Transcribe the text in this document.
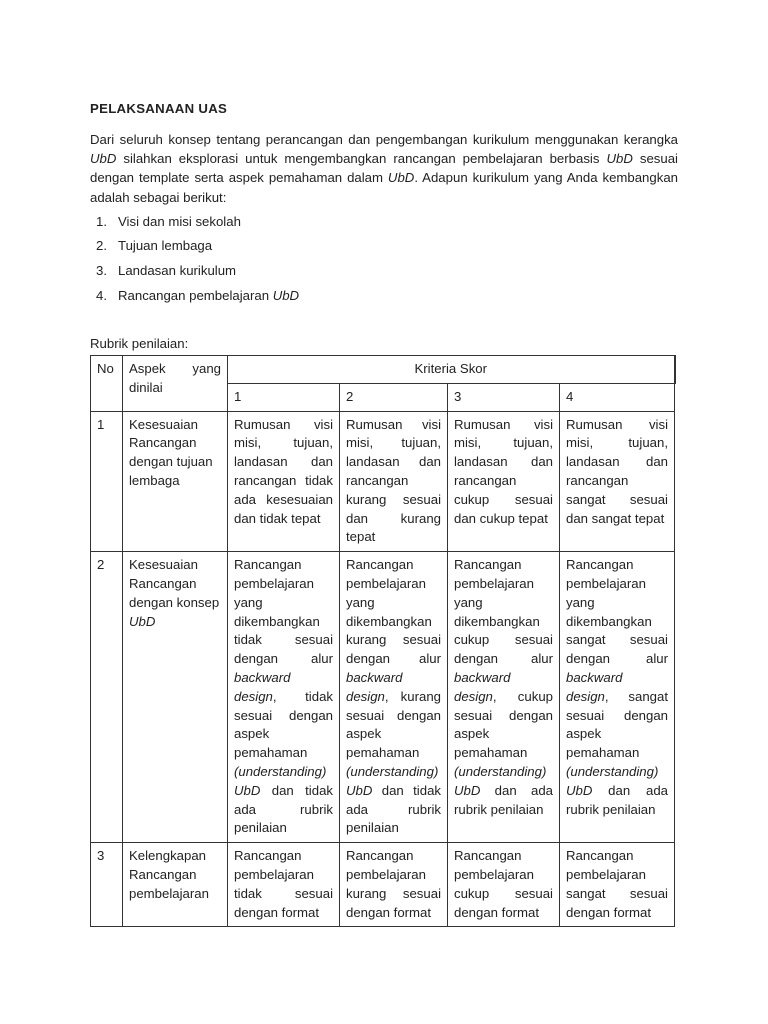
PELAKSANAAN UAS

Dari seluruh konsep tentang perancangan dan pengembangan kurikulum menggunakan kerangka UbD silahkan eksplorasi untuk mengembangkan rancangan pembelajaran berbasis UbD sesuai dengan template serta aspek pemahaman dalam UbD. Adapun kurikulum yang Anda kembangkan adalah sebagai berikut:

1. Visi dan misi sekolah
2. Tujuan lembaga
3. Landasan kurikulum
4. Rancangan pembelajaran UbD
Rubrik penilaian:
No	Aspek yang dinilai	Kriteria Skor			
		1	2	3	4
1	Kesesuaian Rancangan dengan tujuan lembaga	Rumusan visi misi, tujuan, landasan dan rancangan tidak ada kesesuaian dan tidak tepat	Rumusan visi misi, tujuan, landasan dan rancangan kurang sesuai dan kurang tepat	Rumusan visi misi, tujuan, landasan dan rancangan cukup sesuai dan cukup tepat	Rumusan visi misi, tujuan, landasan dan rancangan sangat sesuai dan sangat tepat
2	Kesesuaian Rancangan dengan konsep UbD	Rancangan pembelajaran yang dikembangkan tidak sesuai dengan alur backward design, tidak sesuai dengan aspek pemahaman (understanding) UbD dan tidak ada rubrik penilaian	Rancangan pembelajaran yang dikembangkan kurang sesuai dengan alur backward design, kurang sesuai dengan aspek pemahaman (understanding) UbD dan tidak ada rubrik penilaian	Rancangan pembelajaran yang dikembangkan cukup sesuai dengan alur backward design, cukup sesuai dengan aspek pemahaman (understanding) UbD dan ada rubrik penilaian	Rancangan pembelajaran yang dikembangkan sangat sesuai dengan alur backward design, sangat sesuai dengan aspek pemahaman (understanding) UbD dan ada rubrik penilaian
3	Kelengkapan Rancangan pembelajaran	Rancangan pembelajaran tidak sesuai dengan format	Rancangan pembelajaran kurang sesuai dengan format	Rancangan pembelajaran cukup sesuai dengan format	Rancangan pembelajaran sangat sesuai dengan format
